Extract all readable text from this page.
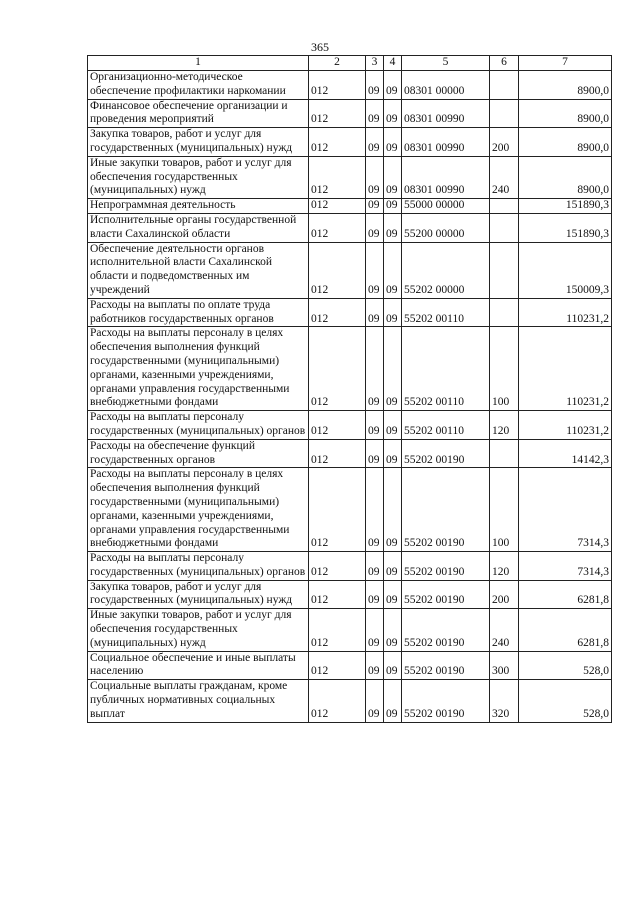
365
1	2	3	4	5	6	7
Организационно-методическое обеспечение профилактики наркомании	012	09	09	08301 00000		8900,0
Финансовое обеспечение организации и проведения мероприятий	012	09	09	08301 00990		8900,0
Закупка товаров, работ и услуг для государственных (муниципальных) нужд	012	09	09	08301 00990	200	8900,0
Иные закупки товаров, работ и услуг для обеспечения государственных (муниципальных) нужд	012	09	09	08301 00990	240	8900,0
Непрограммная деятельность	012	09	09	55000 00000		151890,3
Исполнительные органы государственной власти Сахалинской области	012	09	09	55200 00000		151890,3
Обеспечение деятельности органов исполнительной власти Сахалинской области и подведомственных им учреждений	012	09	09	55202 00000		150009,3
Расходы на выплаты по оплате труда работников государственных органов	012	09	09	55202 00110		110231,2
Расходы на выплаты персоналу в целях обеспечения выполнения функций государственными (муниципальными) органами, казенными учреждениями, органами управления государственными внебюджетными фондами	012	09	09	55202 00110	100	110231,2
Расходы на выплаты персоналу государственных (муниципальных) органов	012	09	09	55202 00110	120	110231,2
Расходы на обеспечение функций государственных органов	012	09	09	55202 00190		14142,3
Расходы на выплаты персоналу в целях обеспечения выполнения функций государственными (муниципальными) органами, казенными учреждениями, органами управления государственными внебюджетными фондами	012	09	09	55202 00190	100	7314,3
Расходы на выплаты персоналу государственных (муниципальных) органов	012	09	09	55202 00190	120	7314,3
Закупка товаров, работ и услуг для государственных (муниципальных) нужд	012	09	09	55202 00190	200	6281,8
Иные закупки товаров, работ и услуг для обеспечения государственных (муниципальных) нужд	012	09	09	55202 00190	240	6281,8
Социальное обеспечение и иные выплаты населению	012	09	09	55202 00190	300	528,0
Социальные выплаты гражданам, кроме публичных нормативных социальных выплат	012	09	09	55202 00190	320	528,0
